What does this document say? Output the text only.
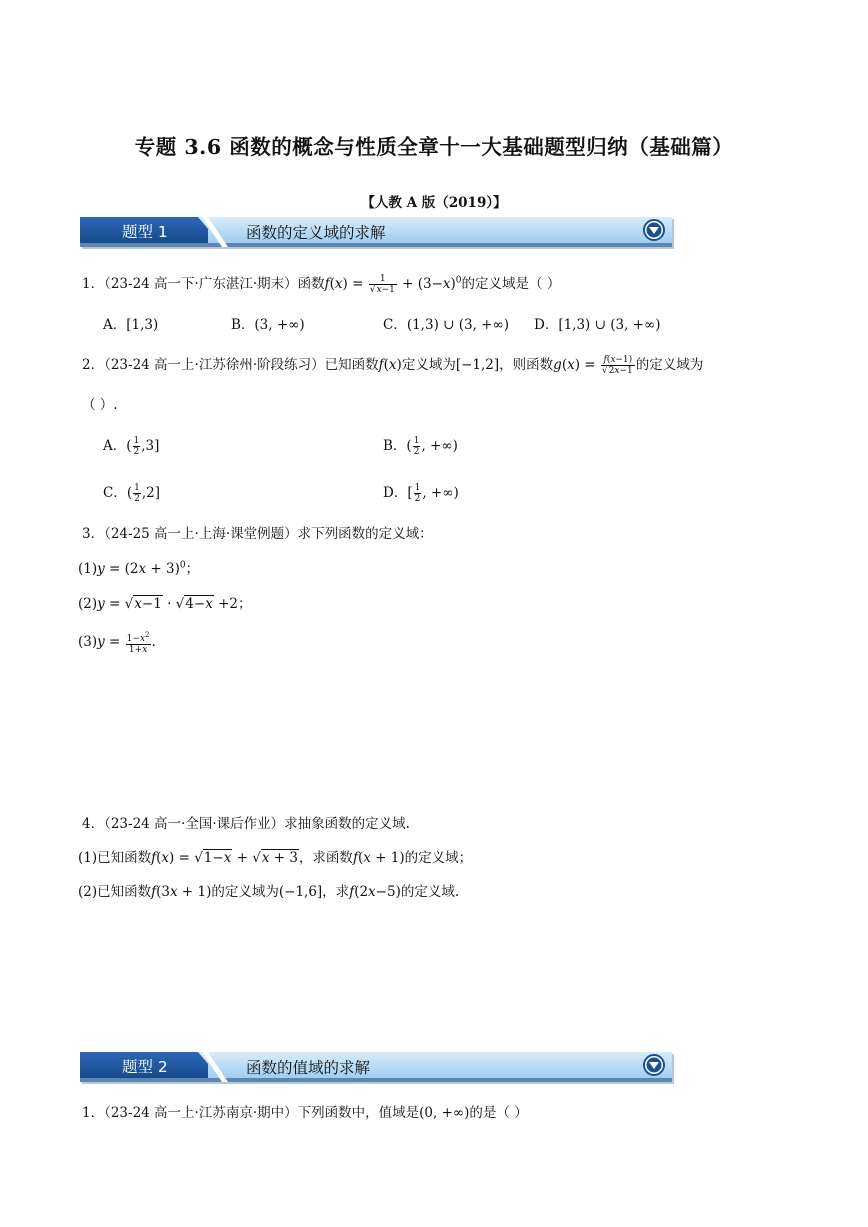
专题 3.6 函数的概念与性质全章十一大基础题型归纳（基础篇）
【人教 A 版（2019）】
题型 1	函数的定义域的求解
1．（23-24 高一下·广东湛江·期末）函数$f(x) = \frac{1}{√x-1} + (3-x)^0$的定义域是（ ）
A．[1,3)	B．(3, +∞)	C．(1,3) ∪ (3, +∞) D．[1,3) ∪ (3, +∞)
2．（23-24 高一上·江苏徐州·阶段练习）已知函数f(x)定义域为[−1,2]，则函数$g(x) = \frac{f(x-1)}{√2x-1}$ 的定义域为
（ ）.
A．( $\frac{1}{2} ,3$]	B．( $\frac{1}{2}$ , +∞)
C．( $\frac{1}{2} ,2$]	D．[ $\frac{1}{2}$ , +∞)
3．（24-25 高一上·上海·课堂例题）求下列函数的定义域：
$(1)y = (2x + 3)^0$；
(2)y = √x−1 · √4−x +2；
$(3)y = \frac{1-x^2}{1+x}$ .
4．（23-24 高一·全国·课后作业）求抽象函数的定义域.
(1)已知函数f(x) = √1−x + √x + 3，求函数f(x + 1)的定义域；
(2)已知函数f(3x + 1)的定义域为(−1,6]，求f(2x−5)的定义域.
题型 2	函数的值域的求解
1．（23-24 高一上·江苏南京·期中）下列函数中，值域是(0, +∞)的是（ ）
